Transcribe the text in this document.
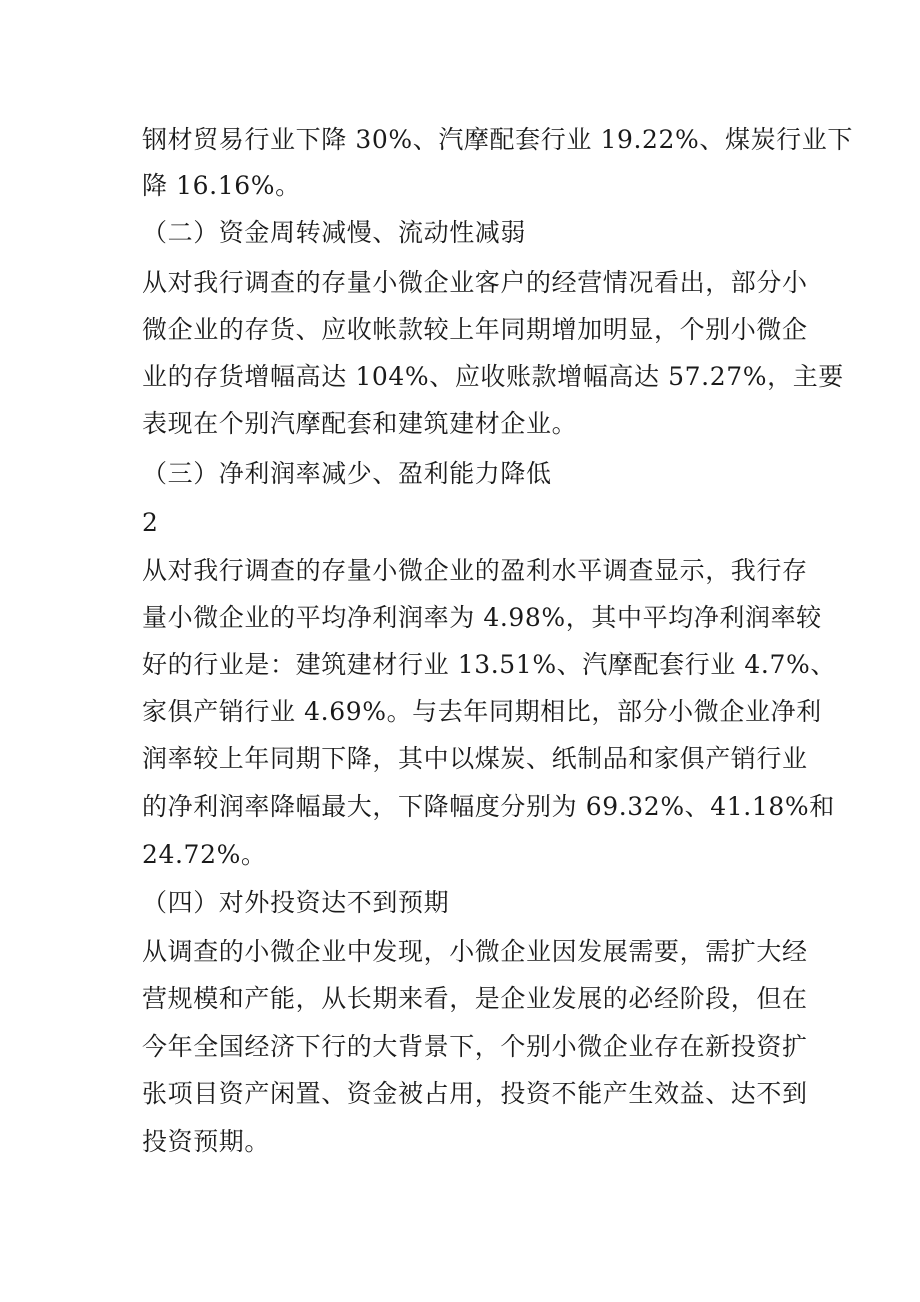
钢材贸易行业下降 30%、汽摩配套行业 19.22%、煤炭行业下

降 16.16%。

（二）资金周转减慢、流动性减弱

从对我行调查的存量小微企业客户的经营情况看出，部分小

微企业的存货、应收帐款较上年同期增加明显，个别小微企

业的存货增幅高达 104%、应收账款增幅高达 57.27%，主要

表现在个别汽摩配套和建筑建材企业。

（三）净利润率减少、盈利能力降低

2

从对我行调查的存量小微企业的盈利水平调查显示，我行存

量小微企业的平均净利润率为 4.98%，其中平均净利润率较

好的行业是：建筑建材行业 13.51%、汽摩配套行业 4.7%、

家俱产销行业 4.69%。与去年同期相比，部分小微企业净利

润率较上年同期下降，其中以煤炭、纸制品和家俱产销行业

的净利润率降幅最大，下降幅度分别为 69.32%、41.18%和

24.72%。

（四）对外投资达不到预期

从调查的小微企业中发现，小微企业因发展需要，需扩大经

营规模和产能，从长期来看，是企业发展的必经阶段，但在

今年全国经济下行的大背景下，个别小微企业存在新投资扩

张项目资产闲置、资金被占用，投资不能产生效益、达不到

投资预期。
